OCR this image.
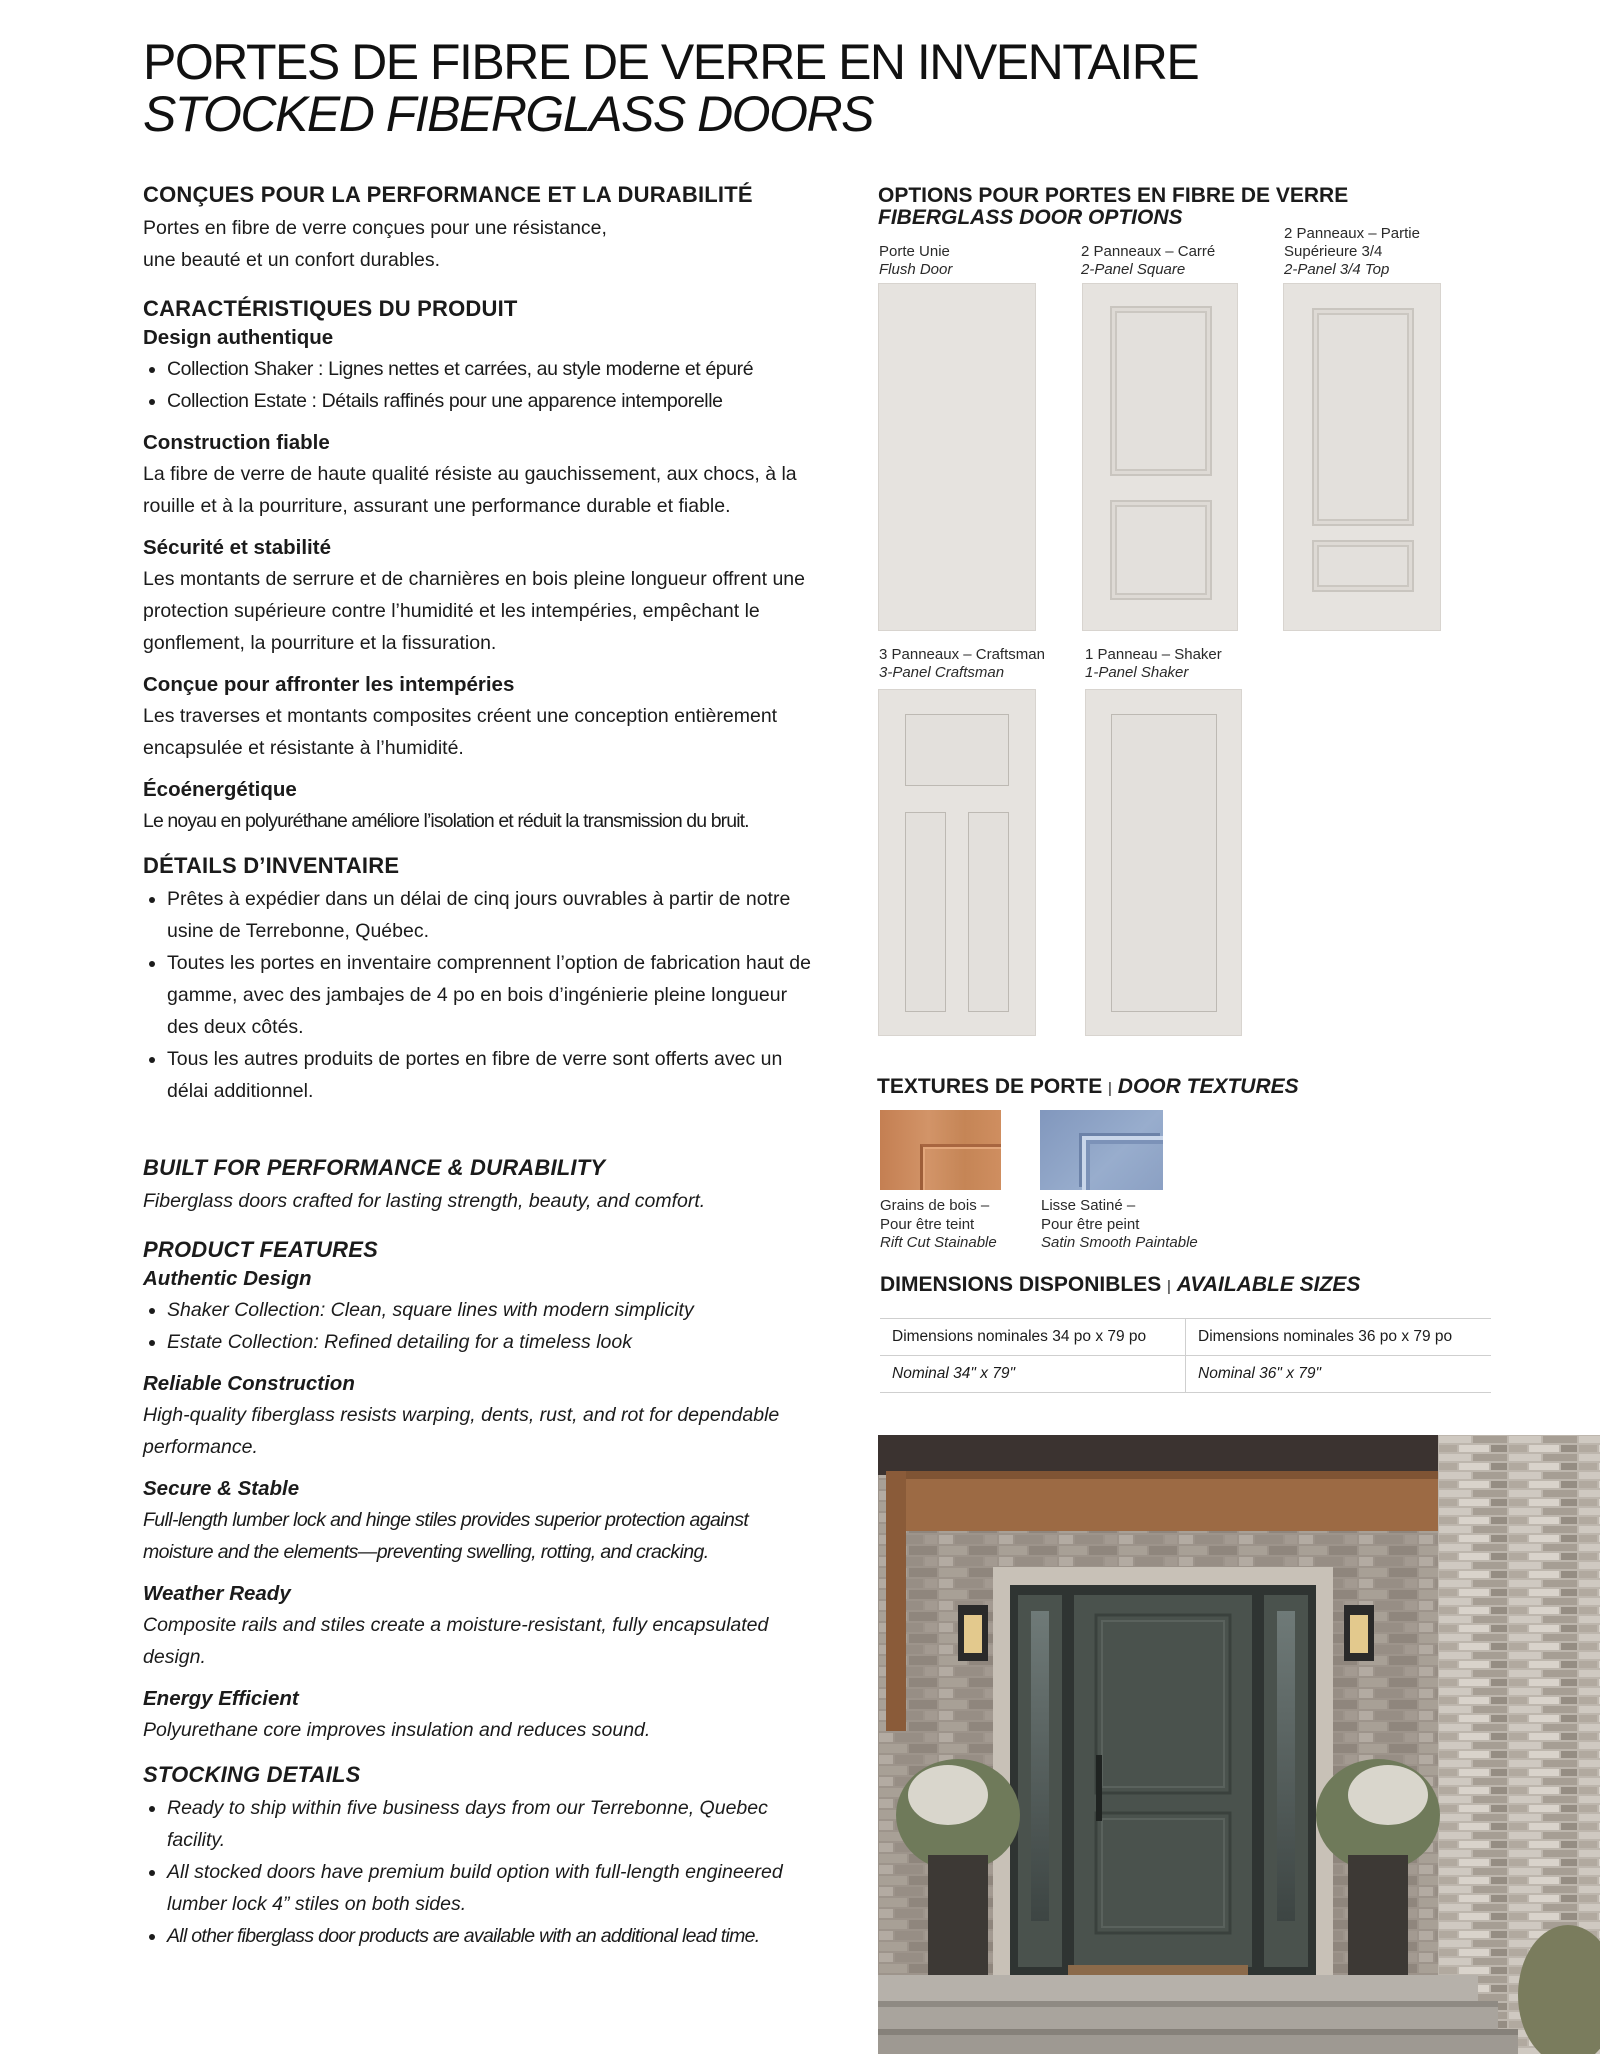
PORTES DE FIBRE DE VERRE EN INVENTAIRE
STOCKED FIBERGLASS DOORS
CONÇUES POUR LA PERFORMANCE ET LA DURABILITÉ

Portes en fibre de verre conçues pour une résistance,

une beauté et un confort durables.

CARACTÉRISTIQUES DU PRODUIT
Design authentique
• Collection Shaker : Lignes nettes et carrées, au style moderne et épuré
• Collection Estate : Détails raffinés pour une apparence intemporelle
Construction fiable

La fibre de verre de haute qualité résiste au gauchissement, aux chocs, à la rouille et à la pourriture, assurant une performance durable et fiable.

Sécurité et stabilité

Les montants de serrure et de charnières en bois pleine longueur offrent une protection supérieure contre l’humidité et les intempéries, empêchant le gonflement, la pourriture et la fissuration.

Conçue pour affronter les intempéries

Les traverses et montants composites créent une conception entièrement encapsulée et résistante à l’humidité.

Écoénergétique

Le noyau en polyuréthane améliore l’isolation et réduit la transmission du bruit.

DÉTAILS D’INVENTAIRE
• Prêtes à expédier dans un délai de cinq jours ouvrables à partir de notre usine de Terrebonne, Québec.
• Toutes les portes en inventaire comprennent l’option de fabrication haut de gamme, avec des jambajes de 4 po en bois d’ingénierie pleine longueur des deux côtés.
• Tous les autres produits de portes en fibre de verre sont offerts avec un délai additionnel.
BUILT FOR PERFORMANCE & DURABILITY

Fiberglass doors crafted for lasting strength, beauty, and comfort.

PRODUCT FEATURES
Authentic Design
• Shaker Collection: Clean, square lines with modern simplicity
• Estate Collection: Refined detailing for a timeless look
Reliable Construction

High-quality fiberglass resists warping, dents, rust, and rot for dependable performance.

Secure & Stable

Full-length lumber lock and hinge stiles provides superior protection against moisture and the elements—preventing swelling, rotting, and cracking.

Weather Ready

Composite rails and stiles create a moisture-resistant, fully encapsulated design.

Energy Efficient

Polyurethane core improves insulation and reduces sound.

STOCKING DETAILS
• Ready to ship within five business days from our Terrebonne, Quebec facility.
• All stocked doors have premium build option with full-length engineered lumber lock 4” stiles on both sides.
• All other fiberglass door products are available with an additional lead time.
OPTIONS POUR PORTES EN FIBRE DE VERRE
FIBERGLASS DOOR OPTIONS
Porte Unie
Flush Door
2 Panneaux – Carré
2-Panel Square
2 Panneaux – Partie
Supérieure 3/4
2-Panel 3/4 Top
3 Panneaux – Craftsman
3-Panel Craftsman
1 Panneau – Shaker
1-Panel Shaker
TEXTURES DE PORTE | DOOR TEXTURES
Grains de bois –
Pour être teint
Rift Cut Stainable
Lisse Satiné –
Pour être peint
Satin Smooth Paintable
DIMENSIONS DISPONIBLES | AVAILABLE SIZES
Dimensions nominales 34 po x 79 po	Dimensions nominales 36 po x 79 po
Nominal 34" x 79"	Nominal 36" x 79"
